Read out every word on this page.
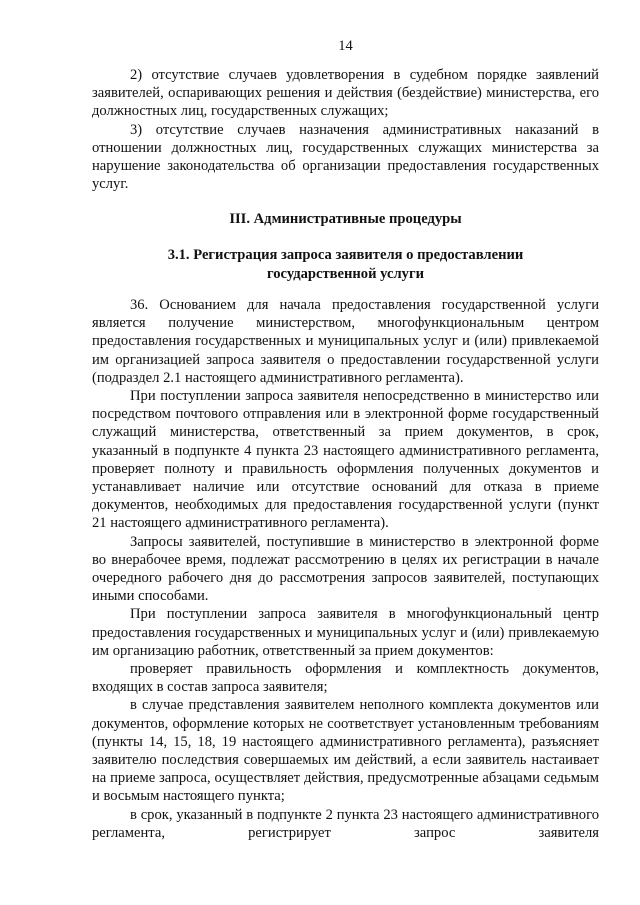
14

2) отсутствие случаев удовлетворения в судебном порядке заявлений заявителей, оспаривающих решения и действия (бездействие) министерства, его должностных лиц, государственных служащих;

3) отсутствие случаев назначения административных наказаний в отношении должностных лиц, государственных служащих министерства за нарушение законодательства об организации предоставления государственных услуг.

III. Административные процедуры
3.1. Регистрация запроса заявителя о предоставлении
государственной услуги

36. Основанием для начала предоставления государственной услуги является получение министерством, многофункциональным центром предоставления государственных и муниципальных услуг и (или) привлекаемой им организацией запроса заявителя о предоставлении государственной услуги (подраздел 2.1 настоящего административного регламента).

При поступлении запроса заявителя непосредственно в министерство или посредством почтового отправления или в электронной форме государственный служащий министерства, ответственный за прием документов, в срок, указанный в подпункте 4 пункта 23 настоящего административного регламента, проверяет полноту и правильность оформления полученных документов и устанавливает наличие или отсутствие оснований для отказа в приеме документов, необходимых для предоставления государственной услуги (пункт 21 настоящего административного регламента).

Запросы заявителей, поступившие в министерство в электронной форме во внерабочее время, подлежат рассмотрению в целях их регистрации в начале очередного рабочего дня до рассмотрения запросов заявителей, поступающих иными способами.

При поступлении запроса заявителя в многофункциональный центр предоставления государственных и муниципальных услуг и (или) привлекаемую им организацию работник, ответственный за прием документов:

проверяет правильность оформления и комплектность документов, входящих в состав запроса заявителя;

в случае представления заявителем неполного комплекта документов или документов, оформление которых не соответствует установленным требованиям (пункты 14, 15, 18, 19 настоящего административного регламента), разъясняет заявителю последствия совершаемых им действий, а если заявитель настаивает на приеме запроса, осуществляет действия, предусмотренные абзацами седьмым и восьмым настоящего пункта;

в срок, указанный в подпункте 2 пункта 23 настоящего административного регламента, регистрирует запрос заявителя
